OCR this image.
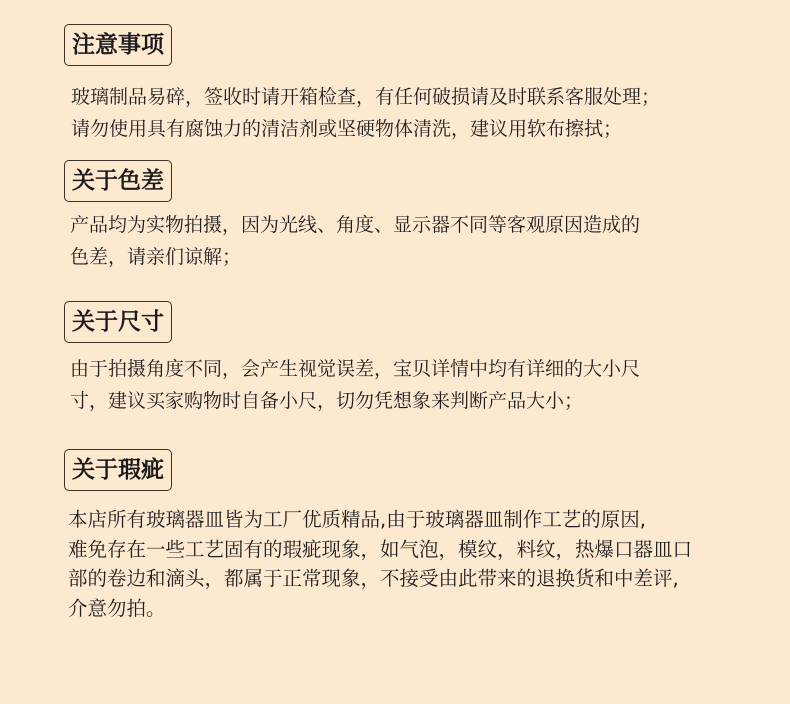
注意事项
玻璃制品易碎，签收时请开箱检查，有任何破损请及时联系客服处理；
请勿使用具有腐蚀力的清洁剂或坚硬物体清洗，建议用软布擦拭；
关于色差
产品均为实物拍摄，因为光线、角度、显示器不同等客观原因造成的
色差，请亲们谅解；
关于尺寸
由于拍摄角度不同，会产生视觉误差，宝贝详情中均有详细的大小尺
寸，建议买家购物时自备小尺，切勿凭想象来判断产品大小；
关于瑕疵
本店所有玻璃器皿皆为工厂优质精品,由于玻璃器皿制作工艺的原因,
难免存在一些工艺固有的瑕疵现象，如气泡，模纹，料纹，热爆口器皿口
部的卷边和滴头，都属于正常现象，不接受由此带来的退换货和中差评,
介意勿拍。
